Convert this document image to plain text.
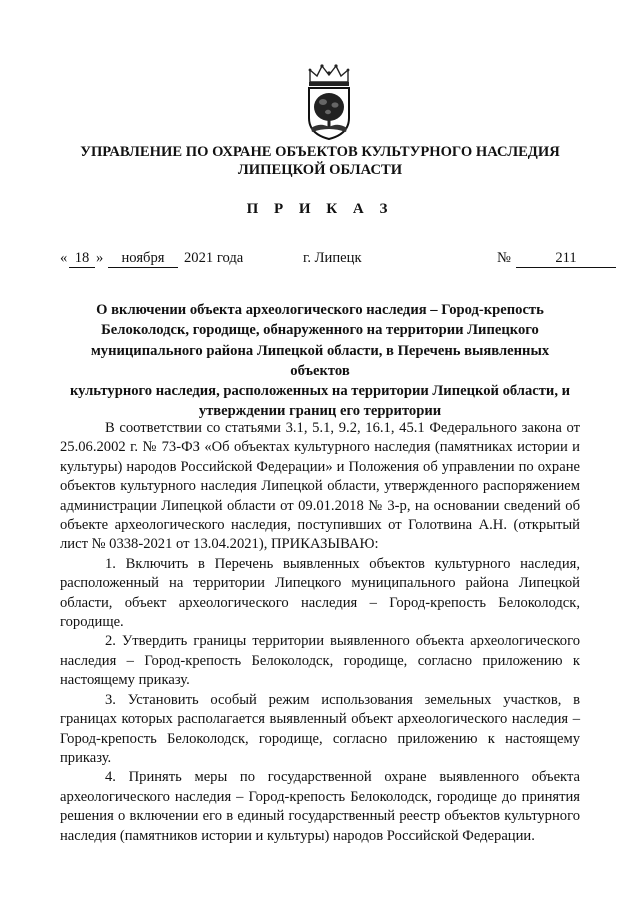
УПРАВЛЕНИЕ ПО ОХРАНЕ ОБЪЕКТОВ КУЛЬТУРНОГО НАСЛЕДИЯ
ЛИПЕЦКОЙ ОБЛАСТИ
П Р И К А З
« 18 »	ноября	2021 года	г. Липецк	№	211
О включении объекта археологического наследия – Город-крепость
Белоколодск, городище, обнаруженного на территории Липецкого
муниципального района Липецкой области, в Перечень выявленных объектов
культурного наследия, расположенных на территории Липецкой области, и
утверждении границ его территории

В соответствии со статьями 3.1, 5.1, 9.2, 16.1, 45.1 Федерального закона от 25.06.2002 г. № 73-ФЗ «Об объектах культурного наследия (памятниках истории и культуры) народов Российской Федерации» и Положения об управлении по охране объектов культурного наследия Липецкой области, утвержденного распоряжением администрации Липецкой области от 09.01.2018 № 3-р, на основании сведений об объекте археологического наследия, поступивших от Голотвина А.Н. (открытый лист № 0338-2021 от 13.04.2021), ПРИКАЗЫВАЮ:

1. Включить в Перечень выявленных объектов культурного наследия, расположенный на территории Липецкого муниципального района Липецкой области, объект археологического наследия – Город-крепость Белоколодск, городище.

2. Утвердить границы территории выявленного объекта археологического наследия – Город-крепость Белоколодск, городище, согласно приложению к настоящему приказу.

3. Установить особый режим использования земельных участков, в границах которых располагается выявленный объект археологического наследия – Город-крепость Белоколодск, городище, согласно приложению к настоящему приказу.

4. Принять меры по государственной охране выявленного объекта археологического наследия – Город-крепость Белоколодск, городище до принятия решения о включении его в единый государственный реестр объектов культурного наследия (памятников истории и культуры) народов Российской Федерации.
